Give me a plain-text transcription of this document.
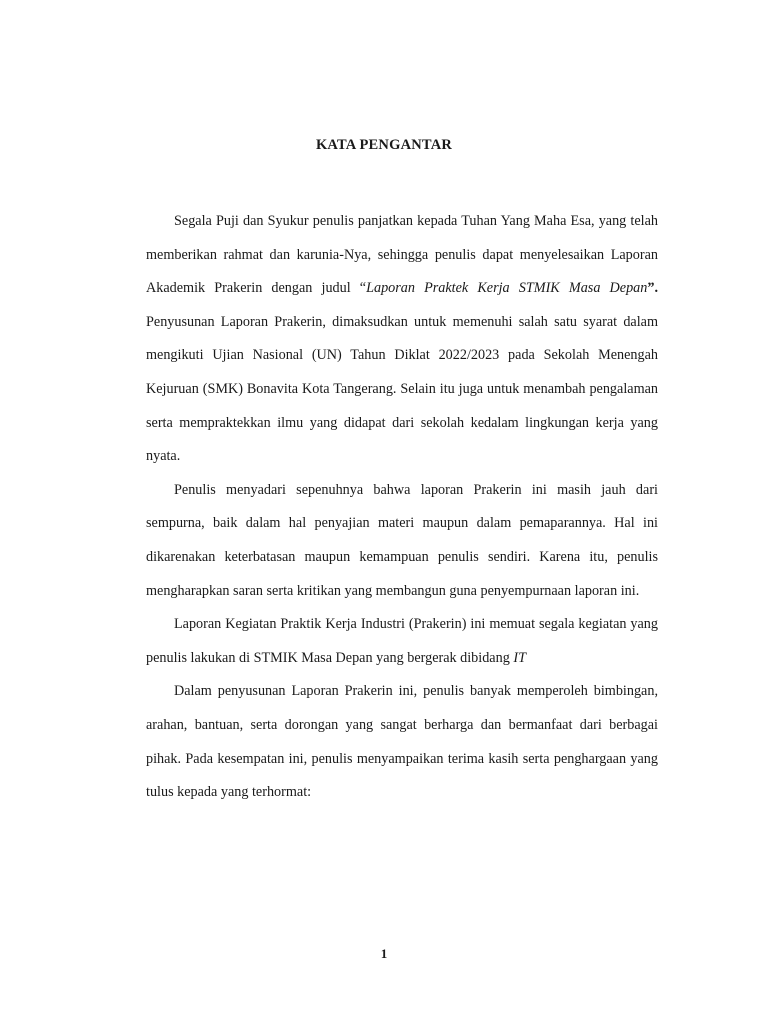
KATA PENGANTAR

Segala Puji dan Syukur penulis panjatkan kepada Tuhan Yang Maha Esa, yang telah memberikan rahmat dan karunia-Nya, sehingga penulis dapat menyelesaikan Laporan Akademik Prakerin dengan judul “Laporan Praktek Kerja STMIK Masa Depan”. Penyusunan Laporan Prakerin, dimaksudkan untuk memenuhi salah satu syarat dalam mengikuti Ujian Nasional (UN) Tahun Diklat 2022/2023 pada Sekolah Menengah Kejuruan (SMK) Bonavita Kota Tangerang. Selain itu juga untuk menambah pengalaman serta mempraktekkan ilmu yang didapat dari sekolah kedalam lingkungan kerja yang nyata.

Penulis menyadari sepenuhnya bahwa laporan Prakerin ini masih jauh dari sempurna, baik dalam hal penyajian materi maupun dalam pemaparannya. Hal ini dikarenakan keterbatasan maupun kemampuan penulis sendiri. Karena itu, penulis mengharapkan saran serta kritikan yang membangun guna penyempurnaan laporan ini.

Laporan Kegiatan Praktik Kerja Industri (Prakerin) ini memuat segala kegiatan yang penulis lakukan di STMIK Masa Depan yang bergerak dibidang IT

Dalam penyusunan Laporan Prakerin ini, penulis banyak memperoleh bimbingan, arahan, bantuan, serta dorongan yang sangat berharga dan bermanfaat dari berbagai pihak. Pada kesempatan ini, penulis menyampaikan terima kasih serta penghargaan yang tulus kepada yang terhormat:

1
